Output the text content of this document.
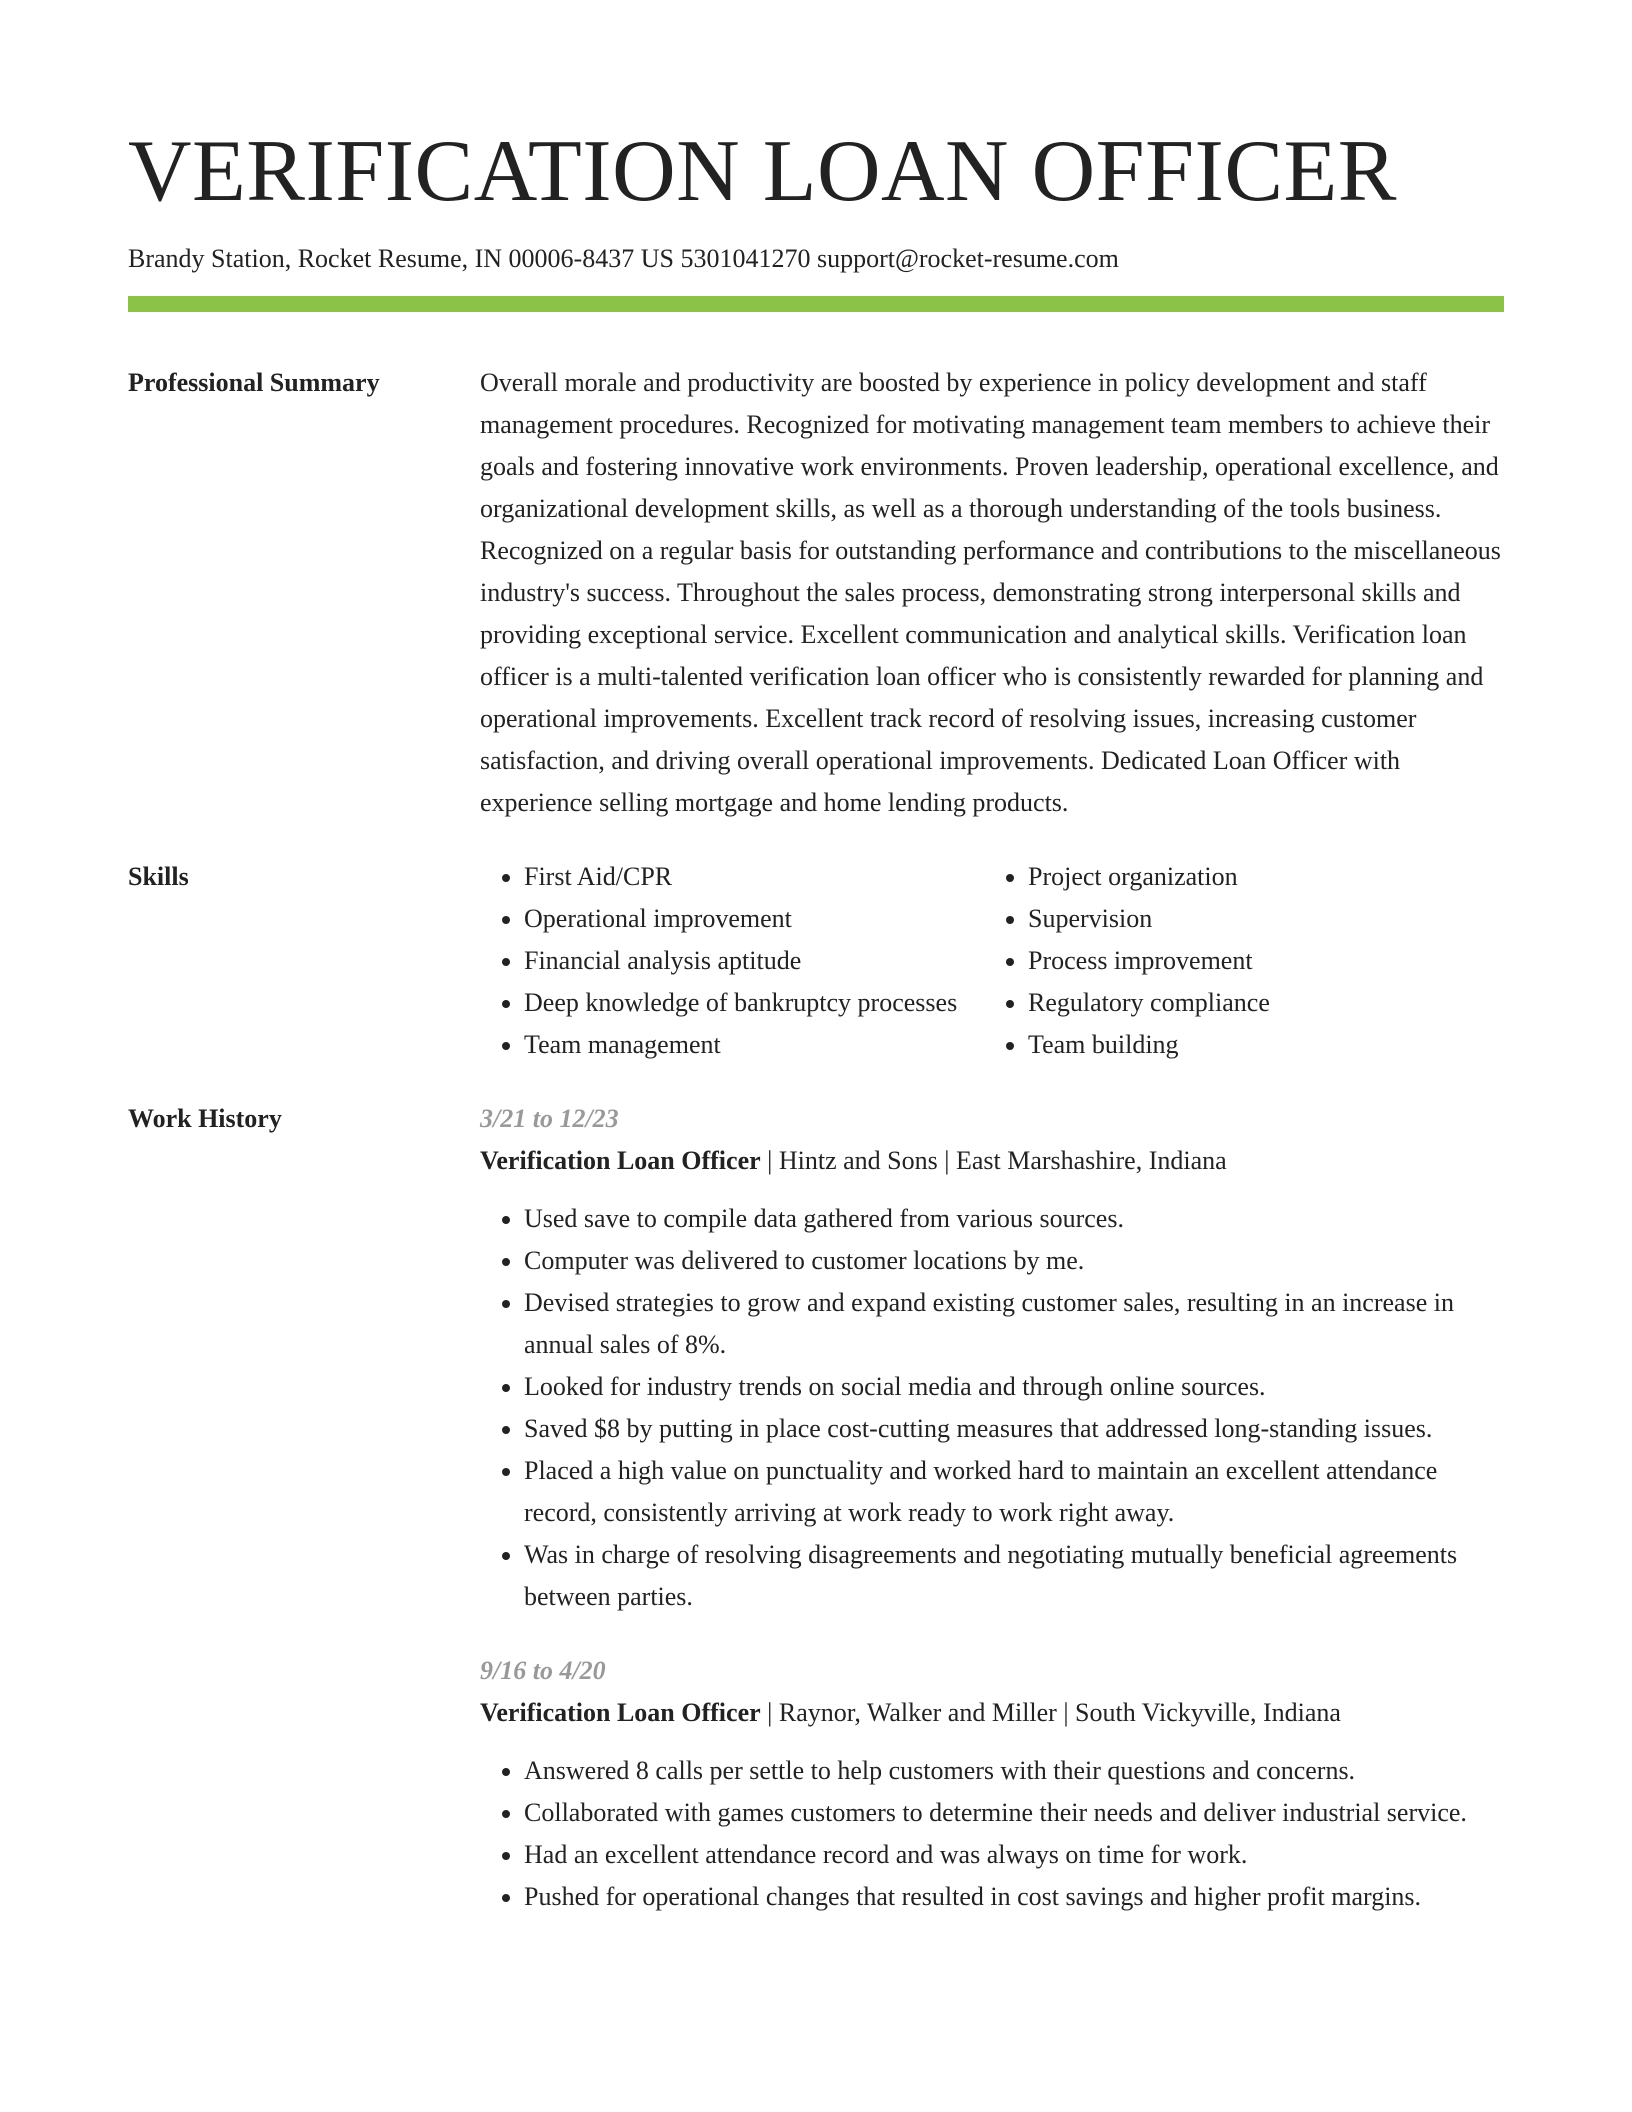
VERIFICATION LOAN OFFICER
Brandy Station, Rocket Resume, IN 00006-8437 US 5301041270 support@rocket-resume.com
Professional Summary	Overall morale and productivity are boosted by experience in policy development and staff management procedures. Recognized for motivating management team members to achieve their goals and fostering innovative work environments. Proven leadership, operational excellence, and organizational development skills, as well as a thorough understanding of the tools business. Recognized on a regular basis for outstanding performance and contributions to the miscellaneous industry's success. Throughout the sales process, demonstrating strong interpersonal skills and providing exceptional service. Excellent communication and analytical skills. Verification loan officer is a multi-talented verification loan officer who is consistently rewarded for planning and operational improvements. Excellent track record of resolving issues, increasing customer satisfaction, and driving overall operational improvements. Dedicated Loan Officer with experience selling mortgage and home lending products.

Skills
•	First Aid/CPR
• Operational improvement
• Financial analysis aptitude
• Deep knowledge of bankruptcy processes
• Team management
• Project organization
• Supervision
• Process improvement
• Regulatory compliance
• Team building
Work History	3/21 to 12/23
Verification Loan Officer | Hintz and Sons | East Marshashire, Indiana
• Used save to compile data gathered from various sources.
• Computer was delivered to customer locations by me.
• Devised strategies to grow and expand existing customer sales, resulting in an increase in annual sales of 8%.
• Looked for industry trends on social media and through online sources.
• Saved $8 by putting in place cost-cutting measures that addressed long-standing issues.
• Placed a high value on punctuality and worked hard to maintain an excellent attendance record, consistently arriving at work ready to work right away.
• Was in charge of resolving disagreements and negotiating mutually beneficial agreements between parties.
9/16 to 4/20
Verification Loan Officer | Raynor, Walker and Miller | South Vickyville, Indiana
• Answered 8 calls per settle to help customers with their questions and concerns.
• Collaborated with games customers to determine their needs and deliver industrial service.
• Had an excellent attendance record and was always on time for work.
• Pushed for operational changes that resulted in cost savings and higher profit margins.
